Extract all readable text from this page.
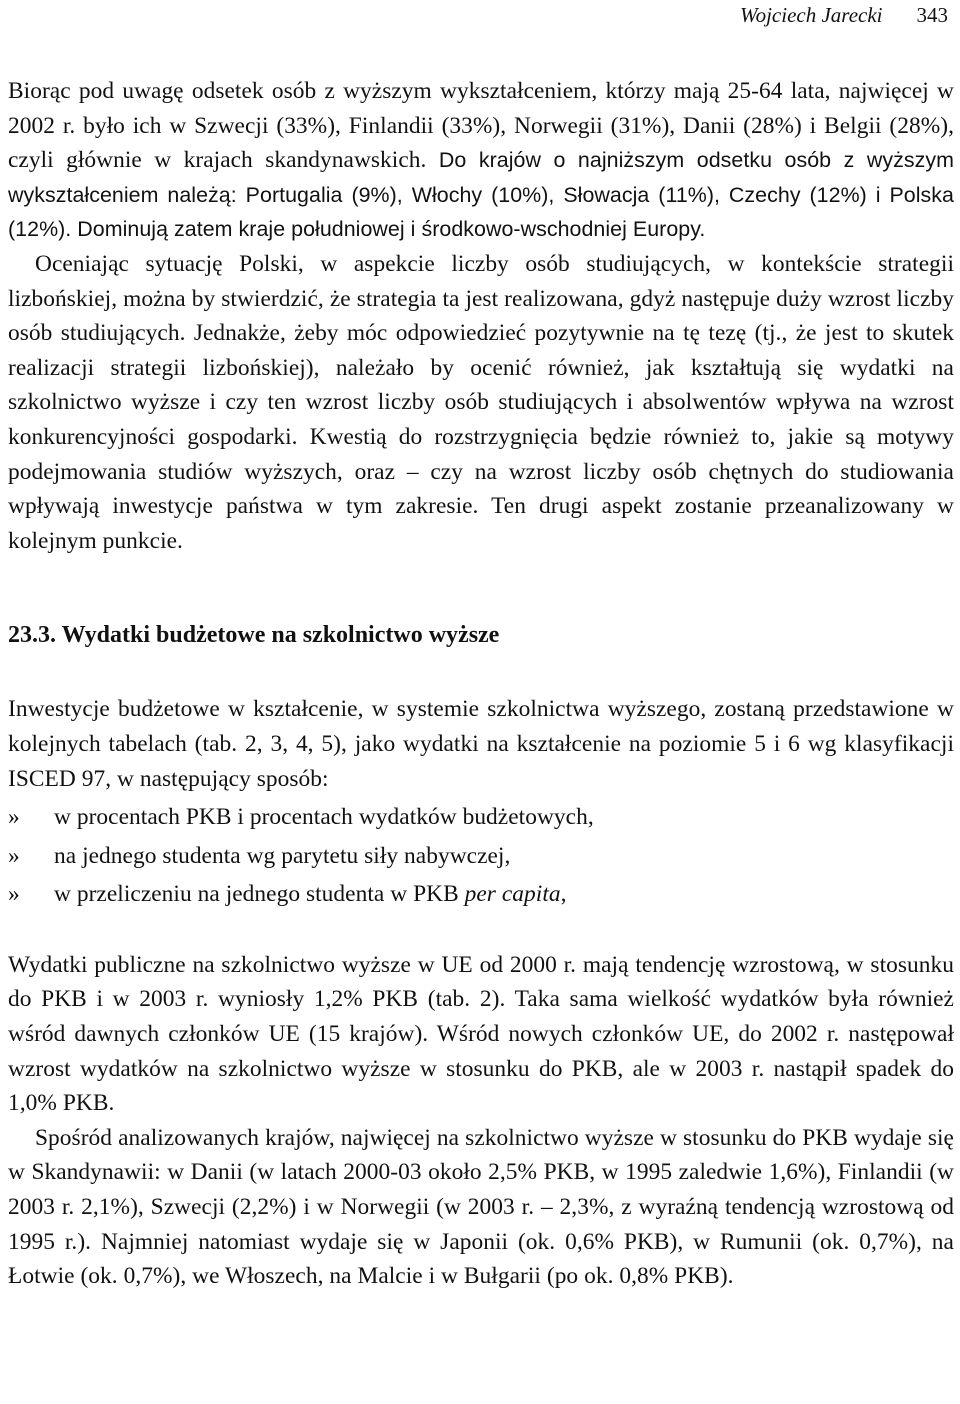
Wojciech Jarecki 343

Biorąc pod uwagę odsetek osób z wyższym wykształceniem, którzy mają 25-64 lata, najwięcej w 2002 r. było ich w Szwecji (33%), Finlandii (33%), Norwegii (31%), Danii (28%) i Belgii (28%), czyli głównie w krajach skandynawskich. Do krajów o najniższym odsetku osób z wyższym wykształceniem należą: Portugalia (9%), Włochy (10%), Słowacja (11%), Czechy (12%) i Polska (12%). Dominują zatem kraje południowej i środkowo-wschodniej Europy.

Oceniając sytuację Polski, w aspekcie liczby osób studiujących, w kontekście strategii lizbońskiej, można by stwierdzić, że strategia ta jest realizowana, gdyż następuje duży wzrost liczby osób studiujących. Jednakże, żeby móc odpowiedzieć pozytywnie na tę tezę (tj., że jest to skutek realizacji strategii lizbońskiej), należało by ocenić również, jak kształtują się wydatki na szkolnictwo wyższe i czy ten wzrost liczby osób studiujących i absolwentów wpływa na wzrost konkurencyjności gospodarki. Kwestią do rozstrzygnięcia będzie również to, jakie są motywy podejmowania studiów wyższych, oraz – czy na wzrost liczby osób chętnych do studiowania wpływają inwestycje państwa w tym zakresie. Ten drugi aspekt zostanie przeanalizowany w kolejnym punkcie.

23.3. Wydatki budżetowe na szkolnictwo wyższe

Inwestycje budżetowe w kształcenie, w systemie szkolnictwa wyższego, zostaną przedstawione w kolejnych tabelach (tab. 2, 3, 4, 5), jako wydatki na kształcenie na poziomie 5 i 6 wg klasyfikacji ISCED 97, w następujący sposób:

»	w procentach PKB i procentach wydatków budżetowych,
»	na jednego studenta wg parytetu siły nabywczej,
»	w przeliczeniu na jednego studenta w PKB per capita,

Wydatki publiczne na szkolnictwo wyższe w UE od 2000 r. mają tendencję wzrostową, w stosunku do PKB i w 2003 r. wyniosły 1,2% PKB (tab. 2). Taka sama wielkość wydatków była również wśród dawnych członków UE (15 krajów). Wśród nowych członków UE, do 2002 r. następował wzrost wydatków na szkolnictwo wyższe w stosunku do PKB, ale w 2003 r. nastąpił spadek do 1,0% PKB.

Spośród analizowanych krajów, najwięcej na szkolnictwo wyższe w stosunku do PKB wydaje się w Skandynawii: w Danii (w latach 2000-03 około 2,5% PKB, w 1995 zaledwie 1,6%), Finlandii (w 2003 r. 2,1%), Szwecji (2,2%) i w Norwegii (w 2003 r. – 2,3%, z wyraźną tendencją wzrostową od 1995 r.). Najmniej natomiast wydaje się w Japonii (ok. 0,6% PKB), w Rumunii (ok. 0,7%), na Łotwie (ok. 0,7%), we Włoszech, na Malcie i w Bułgarii (po ok. 0,8% PKB).
